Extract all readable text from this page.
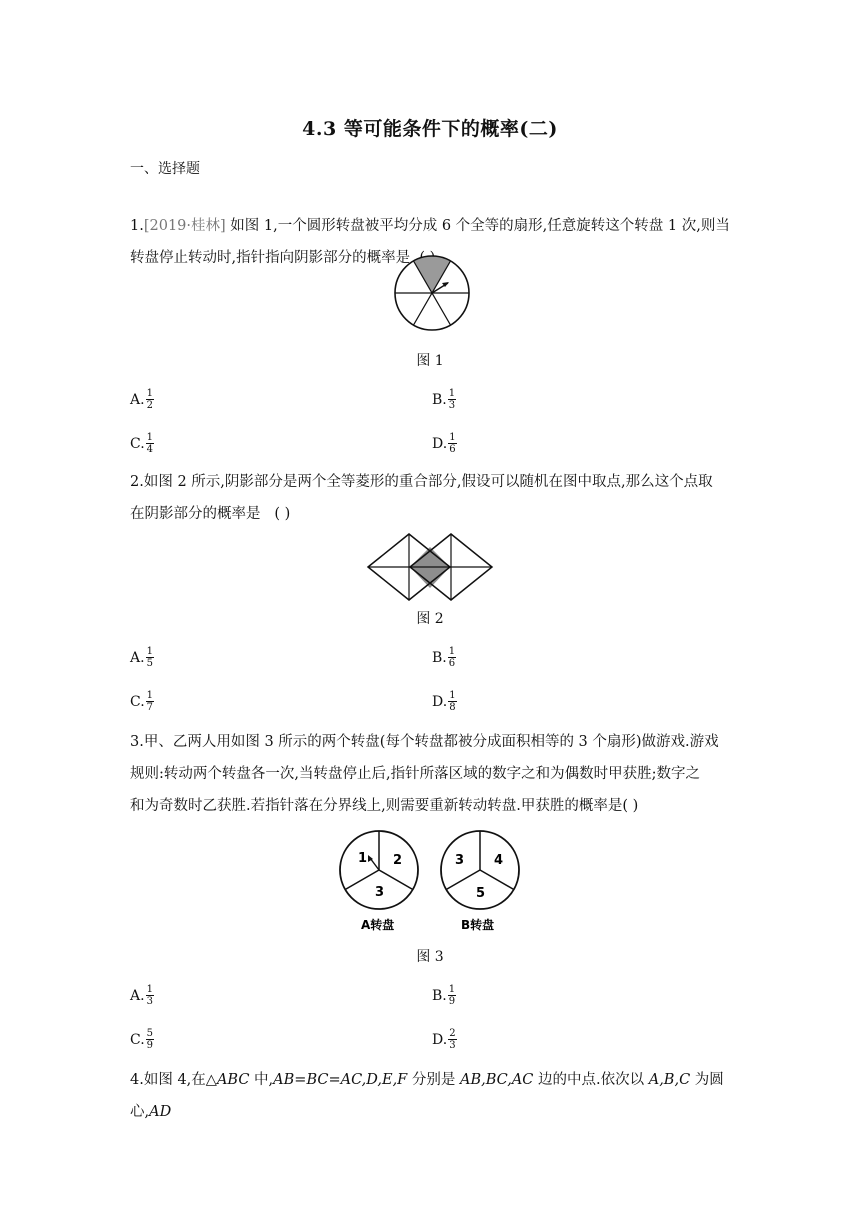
4.3 等可能条件下的概率(二)
一、选择题
1.[2019·桂林] 如图 1,一个圆形转盘被平均分成 6 个全等的扇形,任意旋转这个转盘 1 次,则当
转盘停止转动时,指针指向阴影部分的概率是
图 1
A. $\frac{1}{2}$	B. $\frac{1}{3}$
C. $\frac{1}{4}$	D. $\frac{1}{6}$
2.如图 2 所示,阴影部分是两个全等菱形的重合部分,假设可以随机在图中取点,那么这个点取
在阴影部分的概率是 ( )
图 2
A. $\frac{1}{5}$	B. $\frac{1}{6}$
C. $\frac{1}{7}$	D. $\frac{1}{8}$
3.甲、乙两人用如图 3 所示的两个转盘(每个转盘都被分成面积相等的 3 个扇形)做游戏.游戏
规则:转动两个转盘各一次,当转盘停止后,指针所落区域的数字之和为偶数时甲获胜;数字之
和为奇数时乙获胜.若指针落在分界线上,则需要重新转动转盘.甲获胜的概率是( )
1 2
3
A转盘
3 4
5
B转盘
图 3
A. $\frac{1}{3}$	B. $\frac{1}{9}$
C. $\frac{5}{9}$	D. $\frac{2}{3}$
4.如图 4,在△ABC 中,AB=BC=AC,D,E,F 分别是 AB,BC,AC 边的中点.依次以 A,B,C 为圆心,AD
